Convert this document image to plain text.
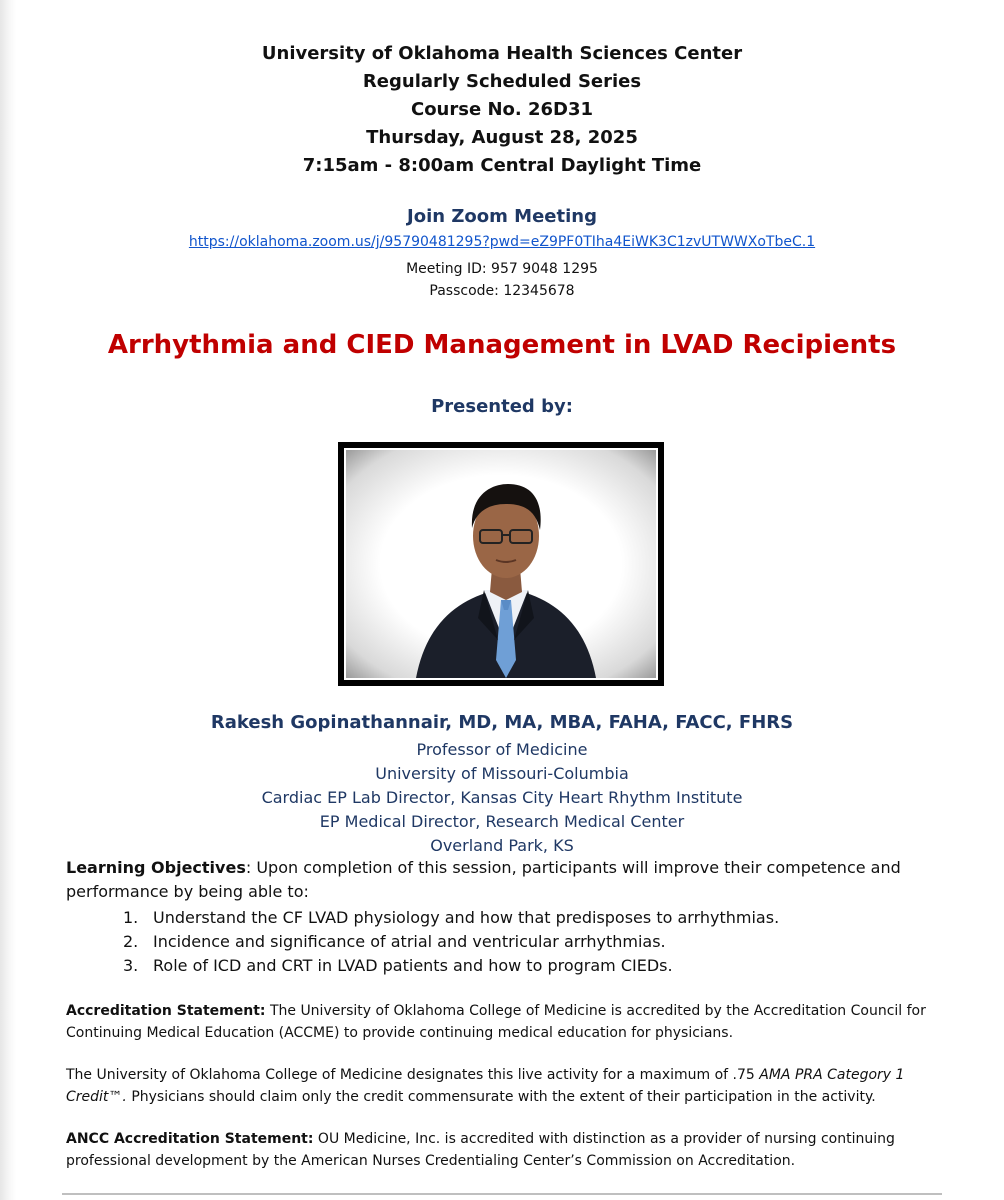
University of Oklahoma Health Sciences Center
Regularly Scheduled Series
Course No. 26D31
Thursday, August 28, 2025
7:15am - 8:00am Central Daylight Time
Join Zoom Meeting
https://oklahoma.zoom.us/j/95790481295?pwd=eZ9PF0TIha4EiWK3C1zvUTWWXoTbeC.1
Meeting ID: 957 9048 1295
Passcode: 12345678
Arrhythmia and CIED Management in LVAD Recipients
Presented by:
Rakesh Gopinathannair, MD, MA, MBA, FAHA, FACC, FHRS
Professor of Medicine
University of Missouri-Columbia
Cardiac EP Lab Director, Kansas City Heart Rhythm Institute
EP Medical Director, Research Medical Center
Overland Park, KS
Learning Objectives: Upon completion of this session, participants will improve their competence and performance by being able to:
1. Understand the CF LVAD physiology and how that predisposes to arrhythmias.
2. Incidence and significance of atrial and ventricular arrhythmias.
3. Role of ICD and CRT in LVAD patients and how to program CIEDs.
Accreditation Statement: The University of Oklahoma College of Medicine is accredited by the Accreditation Council for Continuing Medical Education (ACCME) to provide continuing medical education for physicians.
The University of Oklahoma College of Medicine designates this live activity for a maximum of .75 AMA PRA Category 1 Credit™. Physicians should claim only the credit commensurate with the extent of their participation in the activity.
ANCC Accreditation Statement: OU Medicine, Inc. is accredited with distinction as a provider of nursing continuing professional development by the American Nurses Credentialing Center’s Commission on Accreditation.
